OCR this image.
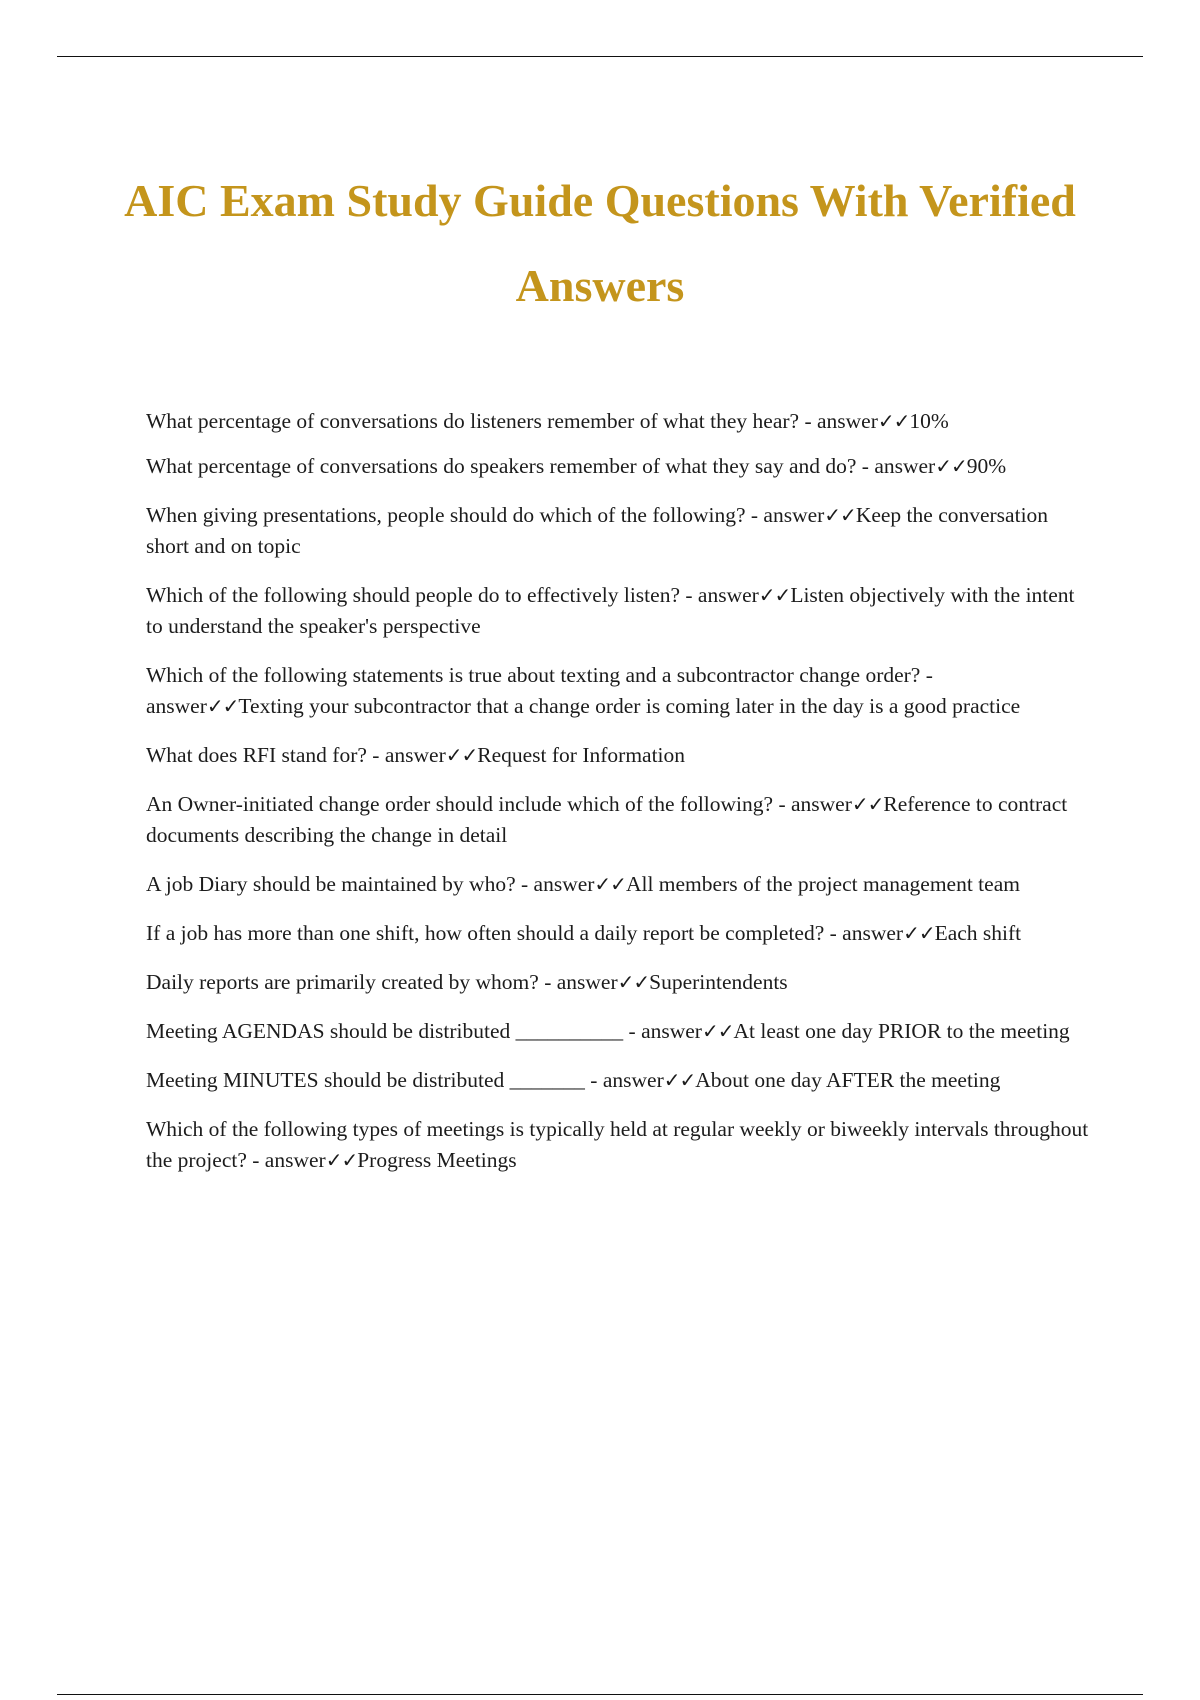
AIC Exam Study Guide Questions With Verified Answers
What percentage of conversations do listeners remember of what they hear? - answer✓✓10%
What percentage of conversations do speakers remember of what they say and do? - answer✓✓90%
When giving presentations, people should do which of the following? - answer✓✓Keep the conversation short and on topic
Which of the following should people do to effectively listen? - answer✓✓Listen objectively with the intent to understand the speaker's perspective
Which of the following statements is true about texting and a subcontractor change order? - answer✓✓Texting your subcontractor that a change order is coming later in the day is a good practice
What does RFI stand for? - answer✓✓Request for Information
An Owner-initiated change order should include which of the following? - answer✓✓Reference to contract documents describing the change in detail
A job Diary should be maintained by who? - answer✓✓All members of the project management team
If a job has more than one shift, how often should a daily report be completed? - answer✓✓Each shift
Daily reports are primarily created by whom? - answer✓✓Superintendents
Meeting AGENDAS should be distributed __________ - answer✓✓At least one day PRIOR to the meeting
Meeting MINUTES should be distributed _______ - answer✓✓About one day AFTER the meeting
Which of the following types of meetings is typically held at regular weekly or biweekly intervals throughout the project? - answer✓✓Progress Meetings
